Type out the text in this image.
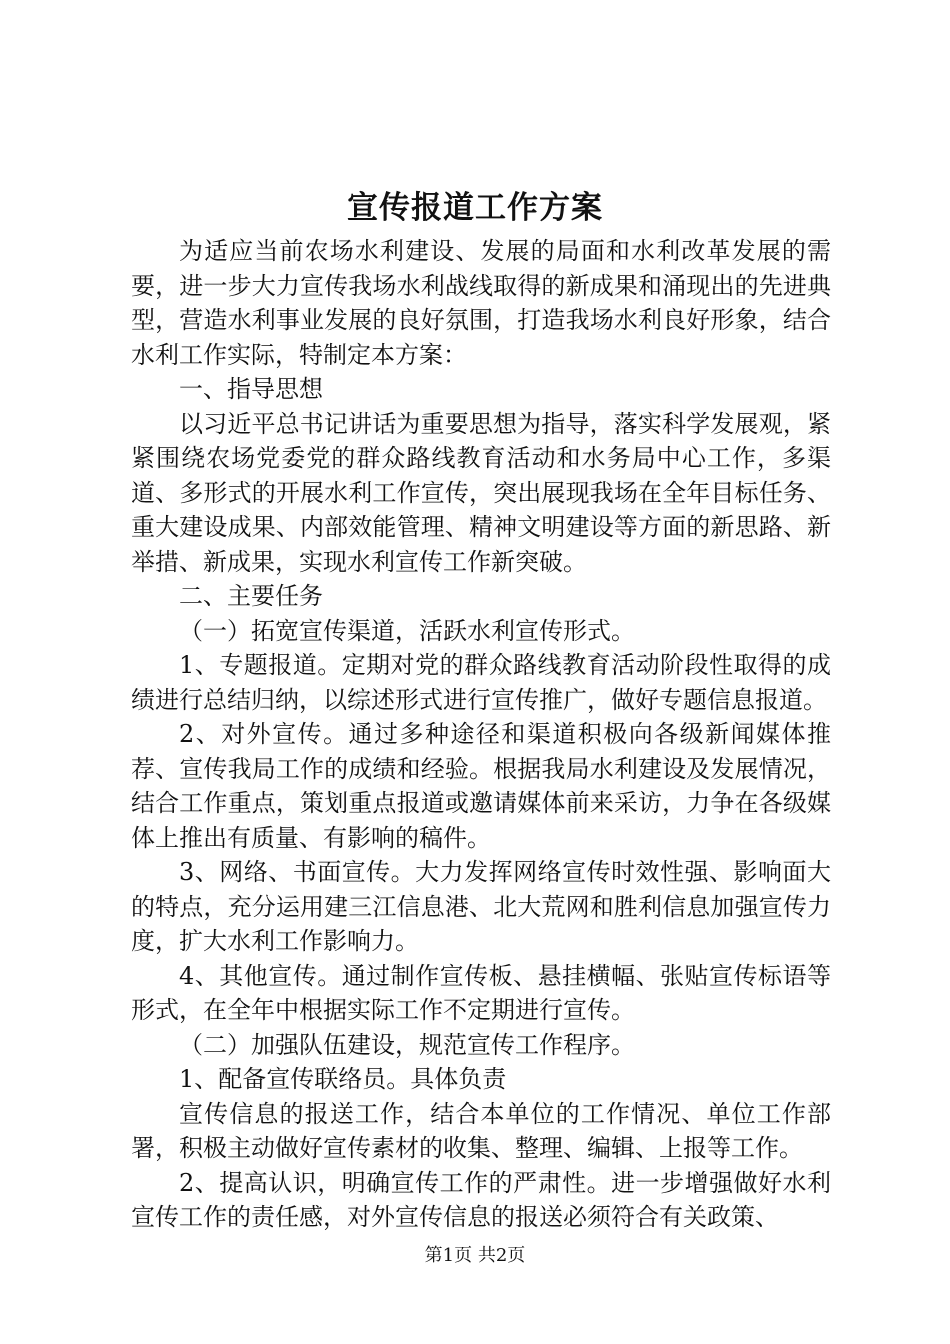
宣传报道工作方案

为适应当前农场水利建设、发展的局面和水利改革发展的需要，进一步大力宣传我场水利战线取得的新成果和涌现出的先进典型，营造水利事业发展的良好氛围，打造我场水利良好形象，结合水利工作实际，特制定本方案：

一、指导思想

以习近平总书记讲话为重要思想为指导，落实科学发展观，紧紧围绕农场党委党的群众路线教育活动和水务局中心工作，多渠道、多形式的开展水利工作宣传，突出展现我场在全年目标任务、重大建设成果、内部效能管理、精神文明建设等方面的新思路、新举措、新成果，实现水利宣传工作新突破。

二、主要任务

（一）拓宽宣传渠道，活跃水利宣传形式。

1、专题报道。定期对党的群众路线教育活动阶段性取得的成绩进行总结归纳，以综述形式进行宣传推广，做好专题信息报道。

2、对外宣传。通过多种途径和渠道积极向各级新闻媒体推荐、宣传我局工作的成绩和经验。根据我局水利建设及发展情况，结合工作重点，策划重点报道或邀请媒体前来采访，力争在各级媒体上推出有质量、有影响的稿件。

3、网络、书面宣传。大力发挥网络宣传时效性强、影响面大的特点，充分运用建三江信息港、北大荒网和胜利信息加强宣传力度，扩大水利工作影响力。

4、其他宣传。通过制作宣传板、悬挂横幅、张贴宣传标语等形式，在全年中根据实际工作不定期进行宣传。

（二）加强队伍建设，规范宣传工作程序。

1、配备宣传联络员。具体负责

宣传信息的报送工作，结合本单位的工作情况、单位工作部署，积极主动做好宣传素材的收集、整理、编辑、上报等工作。

2、提高认识，明确宣传工作的严肃性。进一步增强做好水利宣传工作的责任感，对外宣传信息的报送必须符合有关政策、

第1页 共2页
